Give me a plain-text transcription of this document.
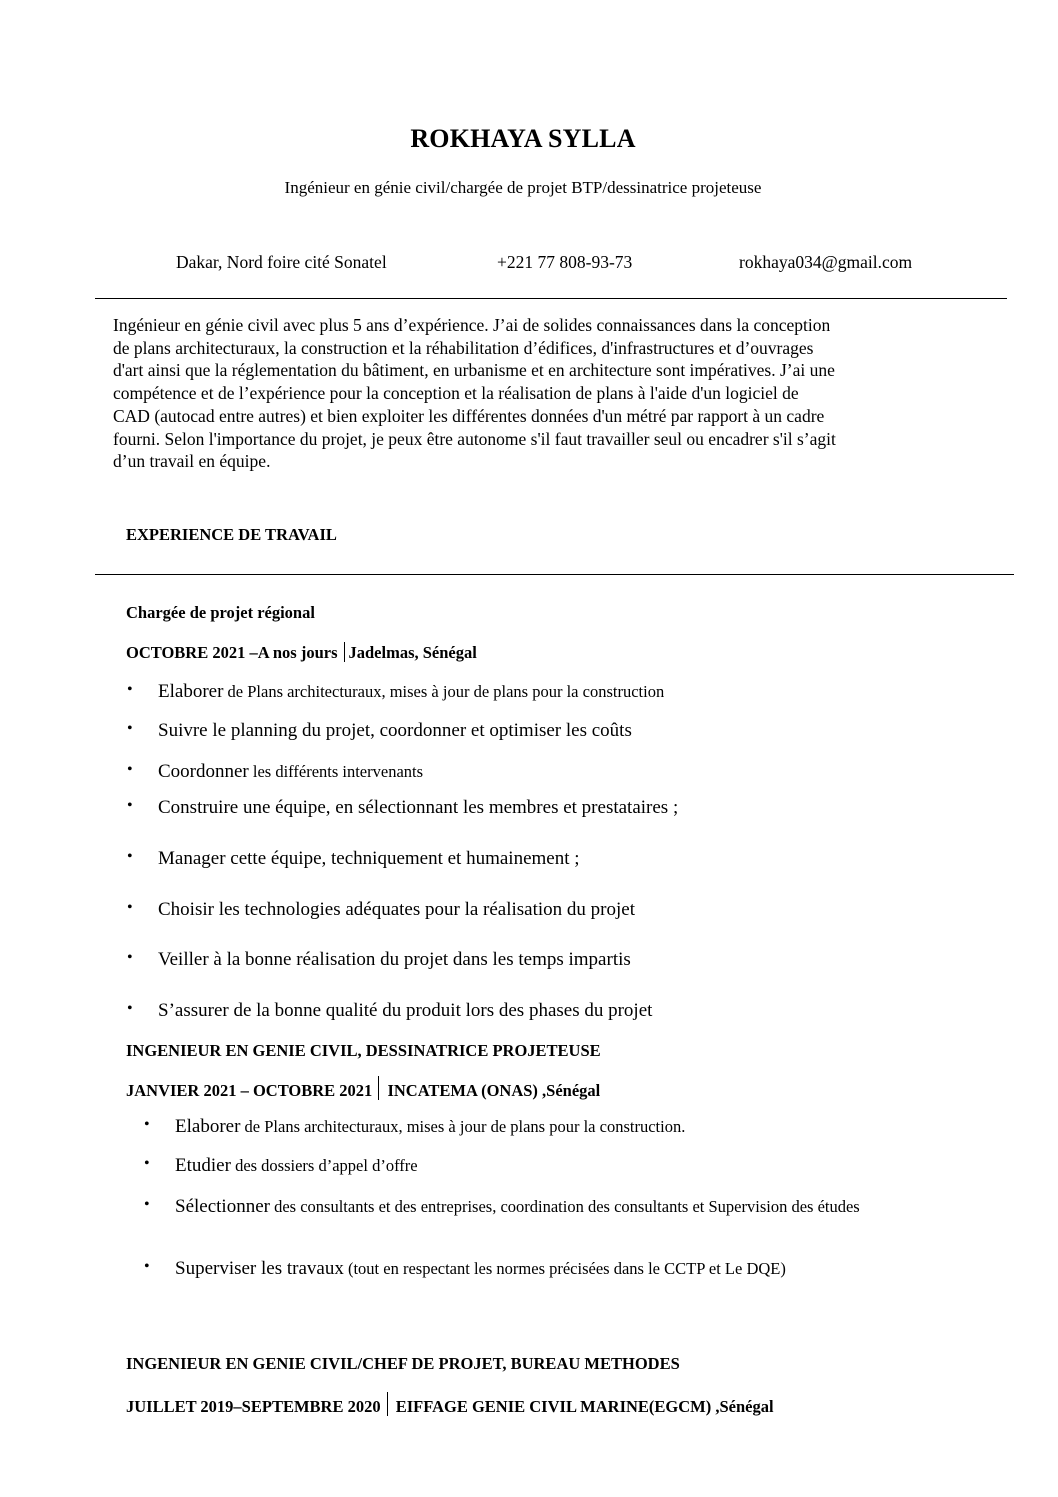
ROKHAYA SYLLA
Ingénieur en génie civil/chargée de projet BTP/dessinatrice projeteuse
Dakar, Nord foire cité Sonatel	+221 77 808-93-73	rokhaya034@gmail.com
Ingénieur en génie civil avec plus 5 ans d’expérience. J’ai de solides connaissances dans la conception
de plans architecturaux, la construction et la réhabilitation d’édifices, d'infrastructures et d’ouvrages
d'art ainsi que la réglementation du bâtiment, en urbanisme et en architecture sont impératives. J’ai une
compétence et de l’expérience pour la conception et la réalisation de plans à l'aide d'un logiciel de
CAD (autocad entre autres) et bien exploiter les différentes données d'un métré par rapport à un cadre
fourni. Selon l'importance du projet, je peux être autonome s'il faut travailler seul ou encadrer s'il s’agit
d’un travail en équipe.
EXPERIENCE DE TRAVAIL
Chargée de projet régional
OCTOBRE 2021 –A nos jours Jadelmas, Sénégal
• Elaborer de Plans architecturaux, mises à jour de plans pour la construction
• Suivre le planning du projet, coordonner et optimiser les coûts
• Coordonner les différents intervenants
• Construire une équipe, en sélectionnant les membres et prestataires ;
• Manager cette équipe, techniquement et humainement ;
• Choisir les technologies adéquates pour la réalisation du projet
• Veiller à la bonne réalisation du projet dans les temps impartis
• S’assurer de la bonne qualité du produit lors des phases du projet
INGENIEUR EN GENIE CIVIL, DESSINATRICE PROJETEUSE
JANVIER 2021 – OCTOBRE 2021 INCATEMA (ONAS) ,Sénégal
• Elaborer de Plans architecturaux, mises à jour de plans pour la construction.
• Etudier des dossiers d’appel d’offre
• Sélectionner des consultants et des entreprises, coordination des consultants et Supervision des études
• Superviser les travaux (tout en respectant les normes précisées dans le CCTP et Le DQE)
INGENIEUR EN GENIE CIVIL/CHEF DE PROJET, BUREAU METHODES
JUILLET 2019–SEPTEMBRE 2020 EIFFAGE GENIE CIVIL MARINE(EGCM) ,Sénégal
